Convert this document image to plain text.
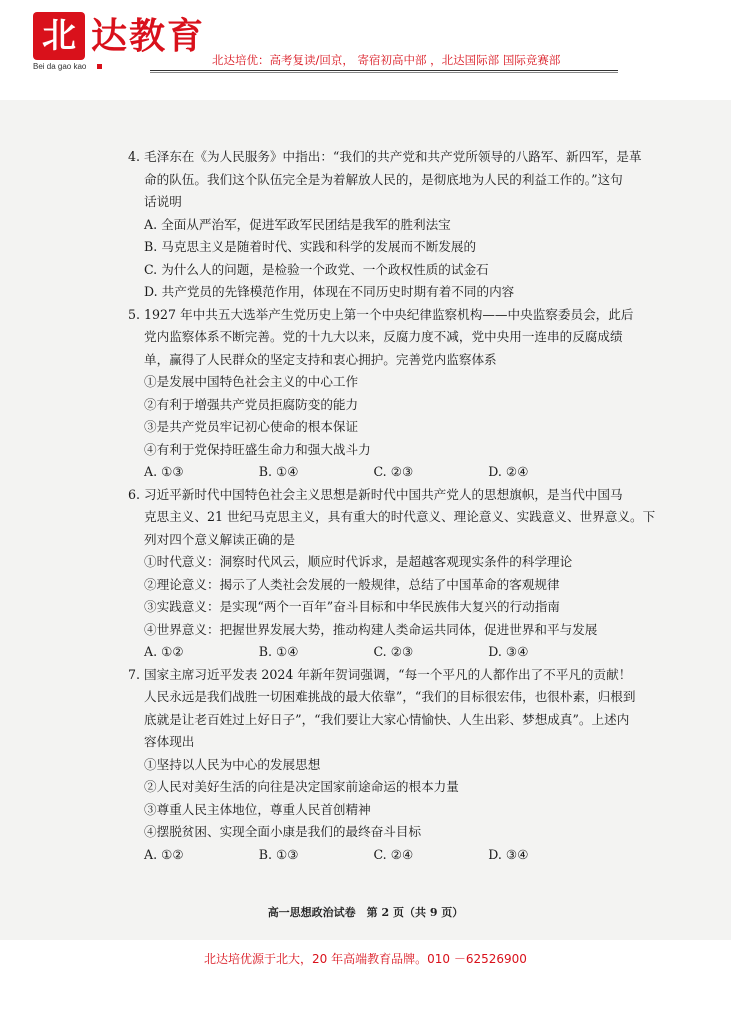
北 达教育
Bei da gao kao	北达培优：高考复读/回京， 寄宿初高中部 ，北达国际部 国际竞赛部
4. 毛泽东在《为人民服务》中指出：“我们的共产党和共产党所领导的八路军、新四军，是革
命的队伍。我们这个队伍完全是为着解放人民的，是彻底地为人民的利益工作的。”这句
话说明
A. 全面从严治军，促进军政军民团结是我军的胜利法宝
B. 马克思主义是随着时代、实践和科学的发展而不断发展的
C. 为什么人的问题，是检验一个政党、一个政权性质的试金石
D. 共产党员的先锋模范作用，体现在不同历史时期有着不同的内容
5. 1927 年中共五大选举产生党历史上第一个中央纪律监察机构——中央监察委员会，此后
党内监察体系不断完善。党的十九大以来，反腐力度不减，党中央用一连串的反腐成绩
单，赢得了人民群众的坚定支持和衷心拥护。完善党内监察体系
①是发展中国特色社会主义的中心工作
②有利于增强共产党员拒腐防变的能力
③是共产党员牢记初心使命的根本保证
④有利于党保持旺盛生命力和强大战斗力
A. ①③	B. ①④	C. ②③	D. ②④
6. 习近平新时代中国特色社会主义思想是新时代中国共产党人的思想旗帜，是当代中国马
克思主义、21 世纪马克思主义，具有重大的时代意义、理论意义、实践意义、世界意义。下
列对四个意义解读正确的是
①时代意义：洞察时代风云，顺应时代诉求，是超越客观现实条件的科学理论
②理论意义：揭示了人类社会发展的一般规律，总结了中国革命的客观规律
③实践意义：是实现“两个一百年”奋斗目标和中华民族伟大复兴的行动指南
④世界意义：把握世界发展大势，推动构建人类命运共同体，促进世界和平与发展
A. ①②	B. ①④	C. ②③	D. ③④
7. 国家主席习近平发表 2024 年新年贺词强调，“每一个平凡的人都作出了不平凡的贡献！
人民永远是我们战胜一切困难挑战的最大依靠”，“我们的目标很宏伟，也很朴素，归根到
底就是让老百姓过上好日子”，“我们要让大家心情愉快、人生出彩、梦想成真”。上述内
容体现出
①坚持以人民为中心的发展思想
②人民对美好生活的向往是决定国家前途命运的根本力量
③尊重人民主体地位，尊重人民首创精神
④摆脱贫困、实现全面小康是我们的最终奋斗目标
A. ①②	B. ①③	C. ②④	D. ③④
高一思想政治试卷　第 2 页（共 9 页）
北达培优源于北大，20 年高端教育品牌。010 －62526900
